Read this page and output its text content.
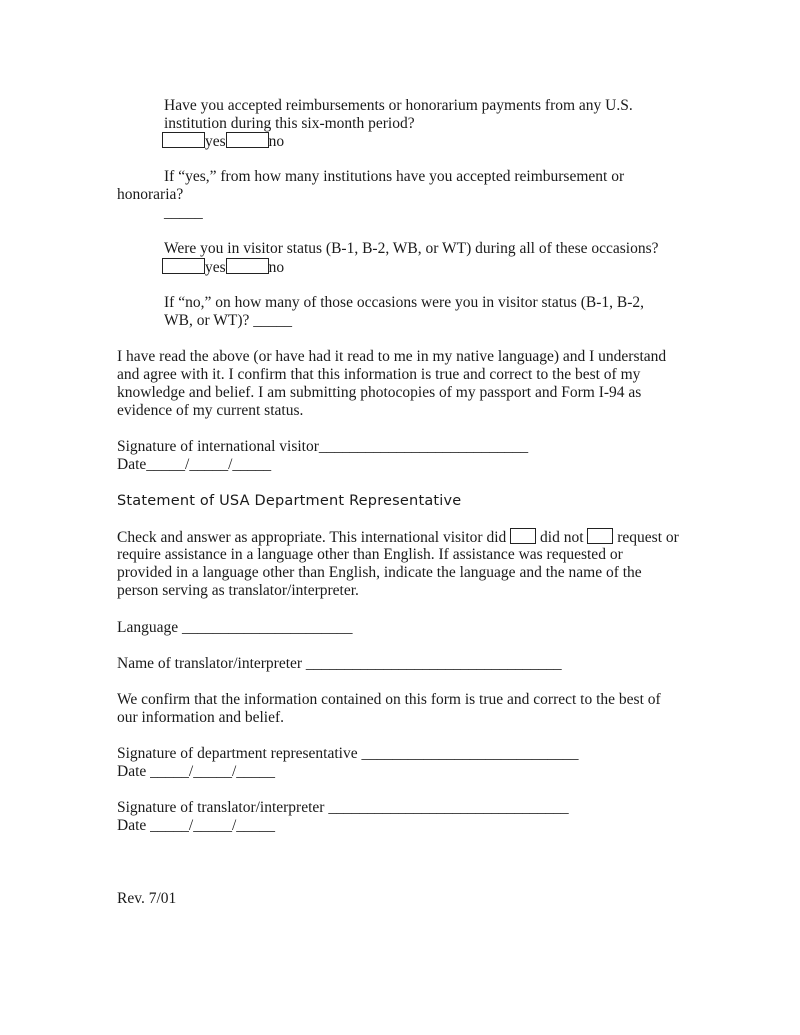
Have you accepted reimbursements or honorarium payments from any U.S.
institution during this six-month period?
yes	no
If “yes,” from how many institutions have you accepted reimbursement or
honoraria?
_____
Were you in visitor status (B-1, B-2, WB, or WT) during all of these occasions?
yes	no
If “no,” on how many of those occasions were you in visitor status (B-1, B-2,
WB, or WT)? _____
I have read the above (or have had it read to me in my native language) and I understand
and agree with it. I confirm that this information is true and correct to the best of my
knowledge and belief. I am submitting photocopies of my passport and Form I-94 as
evidence of my current status.
Signature of international visitor___________________________
Date_____/_____/_____
Statement of USA Department Representative
Check and answer as appropriate. This international visitor did did not request or
require assistance in a language other than English. If assistance was requested or
provided in a language other than English, indicate the language and the name of the
person serving as translator/interpreter.
Language ______________________
Name of translator/interpreter _________________________________
We confirm that the information contained on this form is true and correct to the best of
our information and belief.
Signature of department representative ____________________________
Date _____/_____/_____
Signature of translator/interpreter _______________________________
Date _____/_____/_____
Rev. 7/01
